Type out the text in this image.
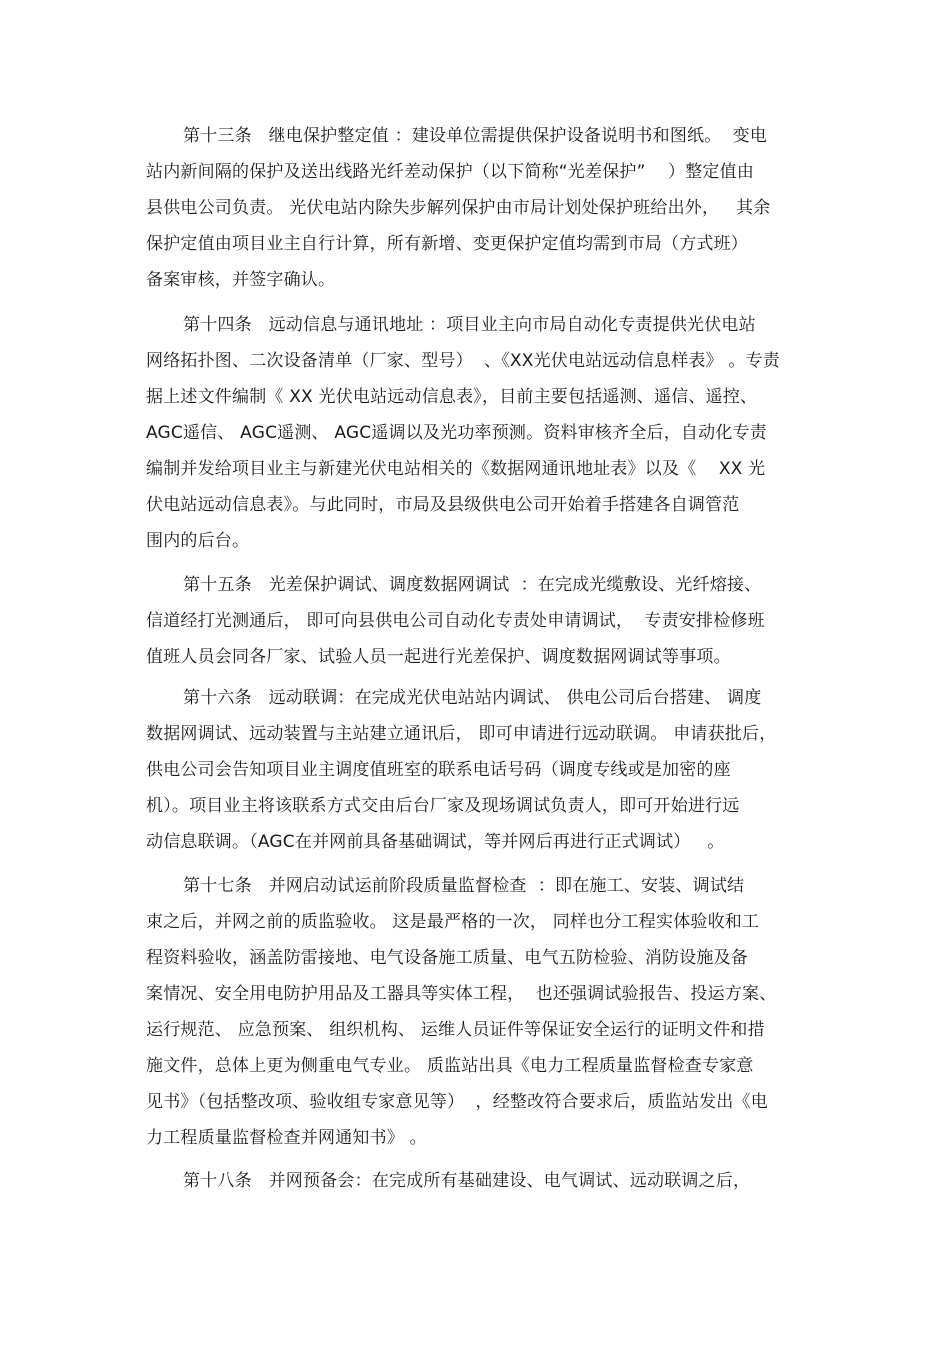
第十三条   继电保护整定值 ：建设单位需提供保护设备说明书和图纸。  变电
站内新间隔的保护及送出线路光纤差动保护（以下简称“光差保护”    ）整定值由
县供电公司负责。 光伏电站内除失步解列保护由市局计划处保护班给出外，   其余
保护定值由项目业主自行计算，所有新增、变更保护定值均需到市局（方式班）
备案审核，并签字确认。
第十四条   远动信息与通讯地址 ：项目业主向市局自动化专责提供光伏电站
网络拓扑图、二次设备清单（厂家、型号）  、《XX光伏电站远动信息样表》 。专责
据上述文件编制《 XX 光伏电站远动信息表》，目前主要包括遥测、遥信、遥控、
AGC遥信、 AGC遥测、 AGC遥调以及光功率预测。资料审核齐全后，自动化专责
编制并发给项目业主与新建光伏电站相关的《数据网通讯地址表》以及《    XX 光
伏电站远动信息表》。与此同时，市局及县级供电公司开始着手搭建各自调管范
围内的后台。
第十五条   光差保护调试、调度数据网调试  ：在完成光缆敷设、光纤熔接、
信道经打光测通后， 即可向县供电公司自动化专责处申请调试，  专责安排检修班
值班人员会同各厂家、试验人员一起进行光差保护、调度数据网调试等事项。
第十六条   远动联调：在完成光伏电站站内调试、 供电公司后台搭建、 调度
数据网调试、远动装置与主站建立通讯后， 即可申请进行远动联调。 申请获批后，
供电公司会告知项目业主调度值班室的联系电话号码（调度专线或是加密的座
机）。项目业主将该联系方式交由后台厂家及现场调试负责人，即可开始进行远
动信息联调。（AGC在并网前具备基础调试，等并网后再进行正式调试）   。
第十七条   并网启动试运前阶段质量监督检查  ：即在施工、安装、调试结
束之后，并网之前的质监验收。 这是最严格的一次， 同样也分工程实体验收和工
程资料验收，涵盖防雷接地、电气设备施工质量、电气五防检验、消防设施及备
案情况、安全用电防护用品及工器具等实体工程，  也还强调试验报告、投运方案、
运行规范、 应急预案、 组织机构、 运维人员证件等保证安全运行的证明文件和措
施文件，总体上更为侧重电气专业。 质监站出具《电力工程质量监督检查专家意
见书》（包括整改项、验收组专家意见等）  ，经整改符合要求后，质监站发出《电
力工程质量监督检查并网通知书》 。
第十八条   并网预备会：在完成所有基础建设、电气调试、远动联调之后，
